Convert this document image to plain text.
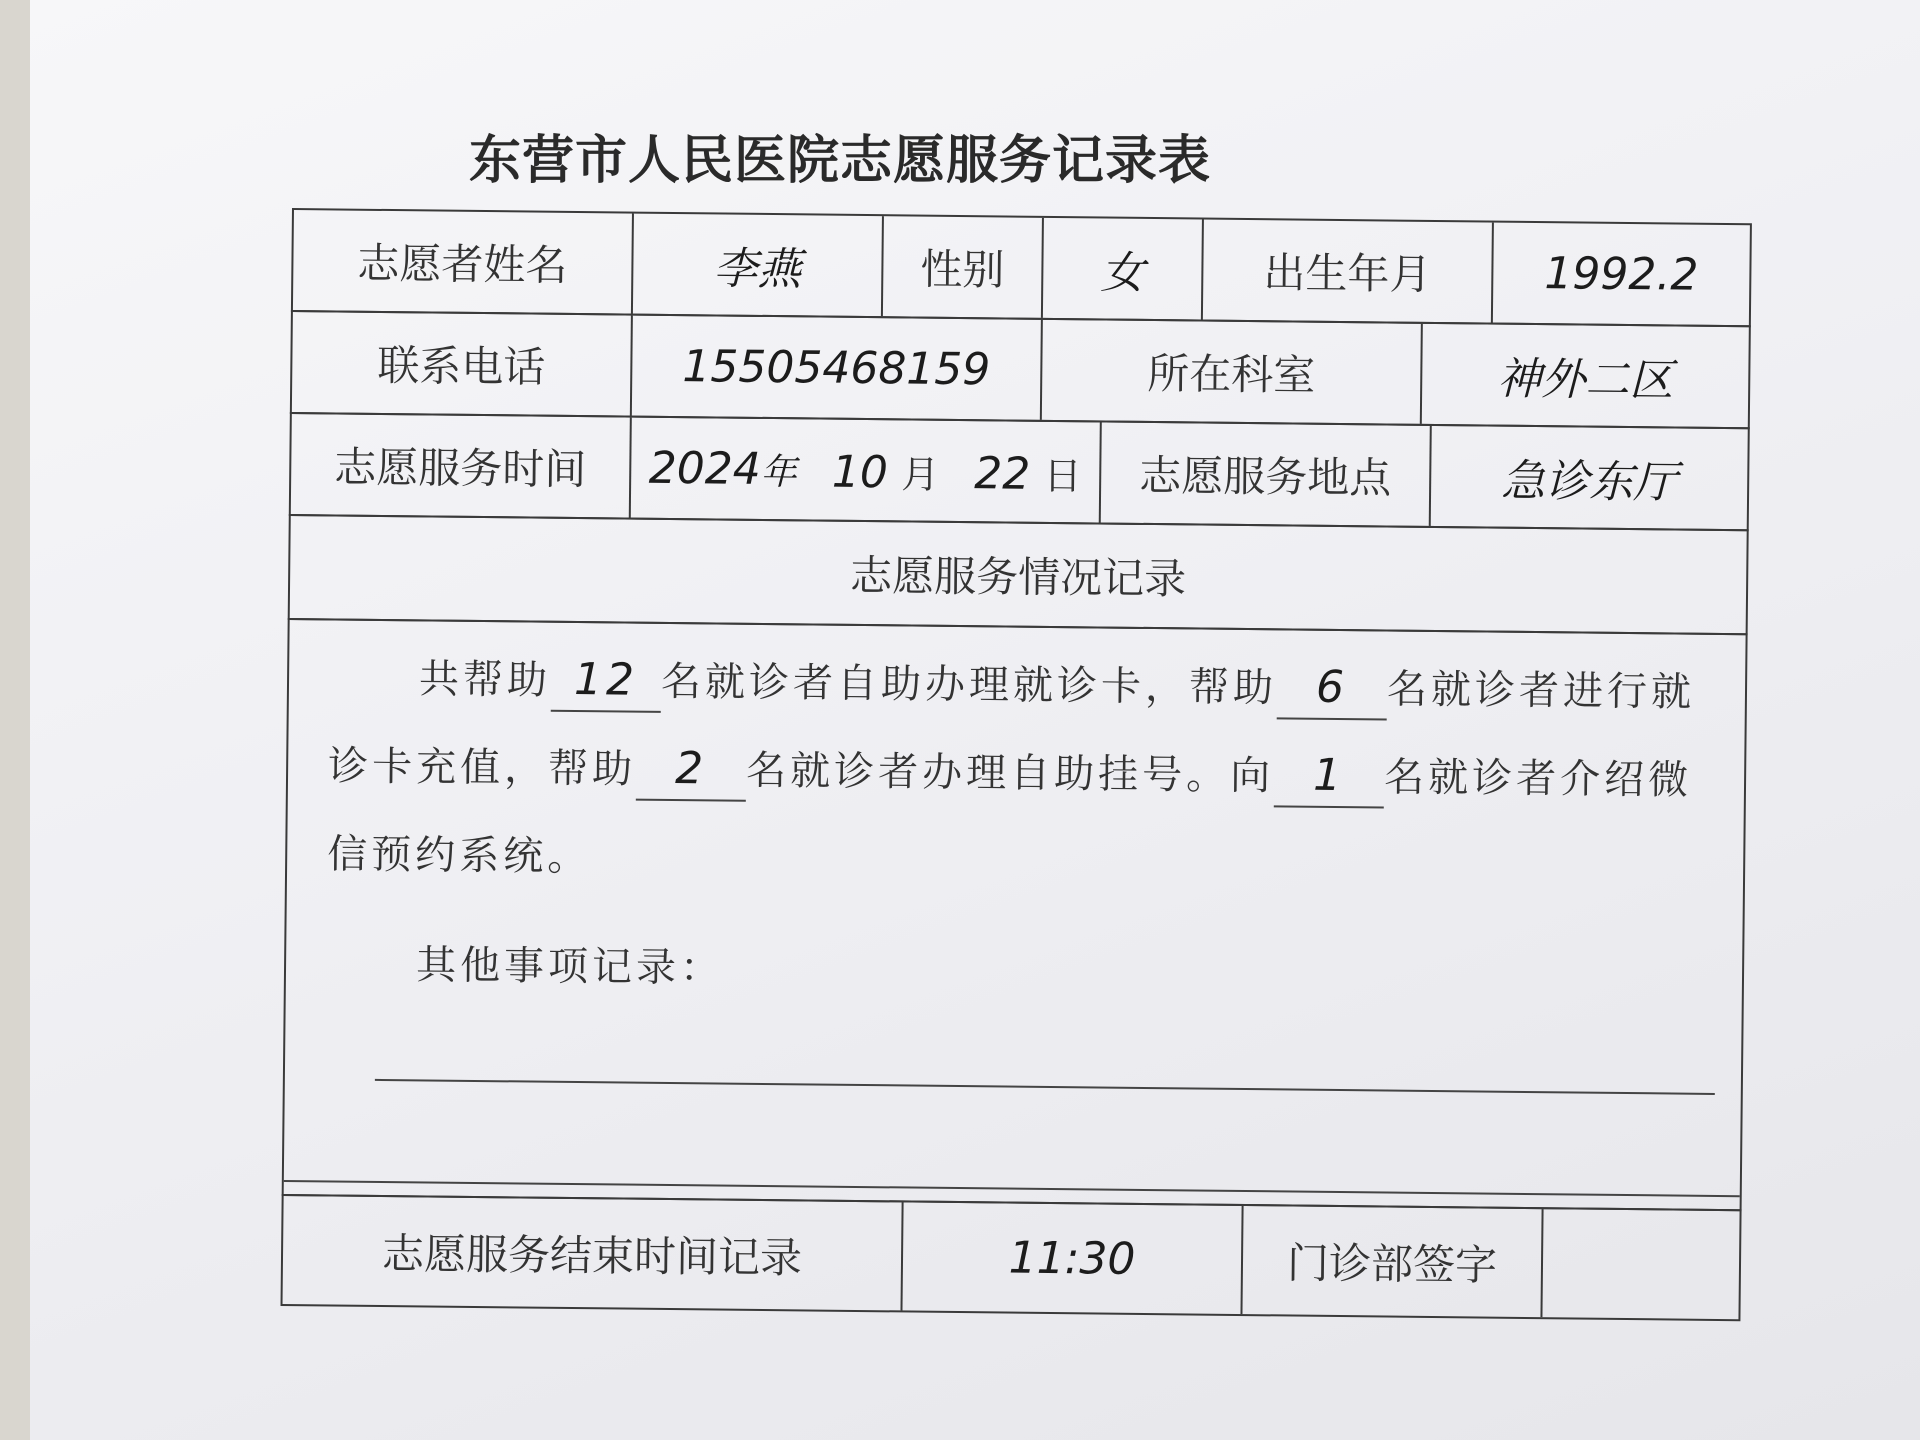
东营市人民医院志愿服务记录表
志愿者姓名	李燕	性别	女	出生年月	1992.2
联系电话	15505468159	所在科室	神外二区
志愿服务时间	2024年 10 月 22 日	志愿服务地点	急诊东厅
志愿服务情况记录
共帮助 12 名就诊者自助办理就诊卡，帮助 6 名就诊者进行就诊卡充值，帮助 2 名就诊者办理自助挂号。向 1 名就诊者介绍微信预约系统。
其他事项记录：
志愿服务结束时间记录	11:30	门诊部签字
